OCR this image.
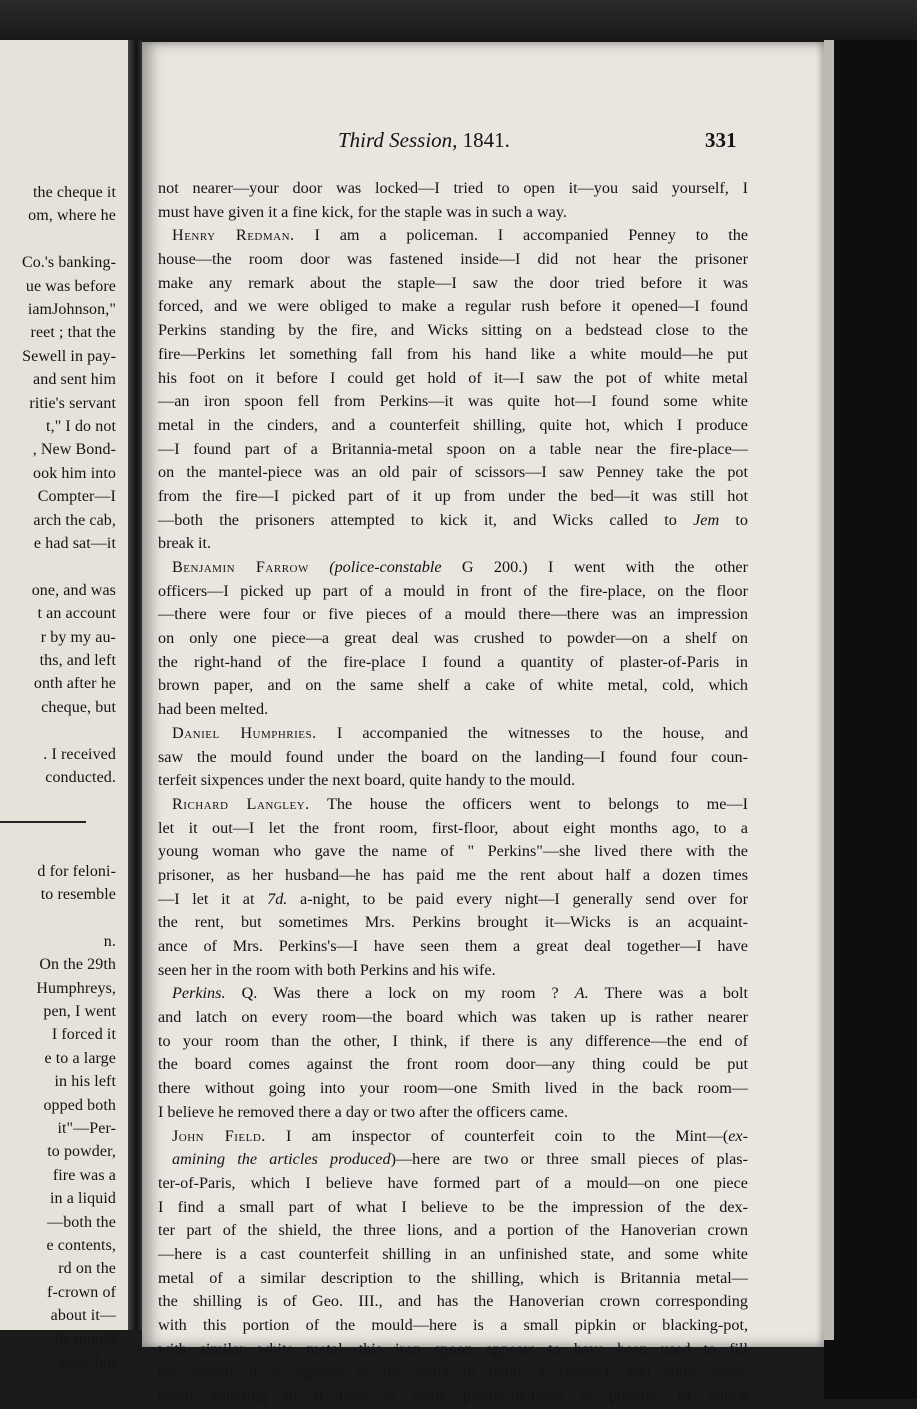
the cheque it
om, where he
Co.'s banking-
ue was before
iamJohnson,"
reet ; that the
Sewell in pay-
and sent him
ritie's servant
t," I do not
, New Bond-
ook him into
Compter—I
arch the cab,
e had sat—it
one, and was
t an account
r by my au-
ths, and left
onth after he
cheque, but
. I received
conducted.
d for feloni-
to resemble
n.
On the 29th
Humphreys,
pen, I went
I forced it
e to a large
in his left
opped both
it"—Per-
to powder,
fire was a
in a liquid
—both the
e contents,
rd on the
f-crown of
about it—
he mould
near, but
Third Session, 1841.	331
not nearer—your door was locked—I tried to open it—you said yourself, I
must have given it a fine kick, for the staple was in such a way.
Henry Redman. I am a policeman. I accompanied Penney to the
house—the room door was fastened inside—I did not hear the prisoner
make any remark about the staple—I saw the door tried before it was
forced, and we were obliged to make a regular rush before it opened—I found
Perkins standing by the fire, and Wicks sitting on a bedstead close to the
fire—Perkins let something fall from his hand like a white mould—he put
his foot on it before I could get hold of it—I saw the pot of white metal
—an iron spoon fell from Perkins—it was quite hot—I found some white
metal in the cinders, and a counterfeit shilling, quite hot, which I produce
—I found part of a Britannia-metal spoon on a table near the fire-place—
on the mantel-piece was an old pair of scissors—I saw Penney take the pot
from the fire—I picked part of it up from under the bed—it was still hot
—both the prisoners attempted to kick it, and Wicks called to Jem to
break it.
Benjamin Farrow (police-constable G 200.) I went with the other
officers—I picked up part of a mould in front of the fire-place, on the floor
—there were four or five pieces of a mould there—there was an impression
on only one piece—a great deal was crushed to powder—on a shelf on
the right-hand of the fire-place I found a quantity of plaster-of-Paris in
brown paper, and on the same shelf a cake of white metal, cold, which
had been melted.
Daniel Humphries. I accompanied the witnesses to the house, and
saw the mould found under the board on the landing—I found four coun-
terfeit sixpences under the next board, quite handy to the mould.
Richard Langley. The house the officers went to belongs to me—I
let it out—I let the front room, first-floor, about eight months ago, to a
young woman who gave the name of " Perkins"—she lived there with the
prisoner, as her husband—he has paid me the rent about half a dozen times
—I let it at 7d. a-night, to be paid every night—I generally send over for
the rent, but sometimes Mrs. Perkins brought it—Wicks is an acquaint-
ance of Mrs. Perkins's—I have seen them a great deal together—I have
seen her in the room with both Perkins and his wife.
Perkins. Q. Was there a lock on my room ? A. There was a bolt
and latch on every room—the board which was taken up is rather nearer
to your room than the other, I think, if there is any difference—the end of
the board comes against the front room door—any thing could be put
there without going into your room—one Smith lived in the back room—
I believe he removed there a day or two after the officers came.
John Field. I am inspector of counterfeit coin to the Mint—(ex-
amining the articles produced)—here are two or three small pieces of plas-
ter-of-Paris, which I believe have formed part of a mould—on one piece
I find a small part of what I believe to be the impression of the dex-
ter part of the shield, the three lions, and a portion of the Hanoverian crown
—here is a cast counterfeit shilling in an unfinished state, and some white
metal of a similar description to the shilling, which is Britannia metal—
the shilling is of Geo. III., and has the Hanoverian crown corresponding
with this portion of the mould—here is a small pipkin or blacking-pot,
with similar white metal—this iron spoon appears to have been used to fill
the mould—it is tapered at the point to make a channel, and some white
metal adhering to it—here is some plaster-of-Paris in powder, of which
